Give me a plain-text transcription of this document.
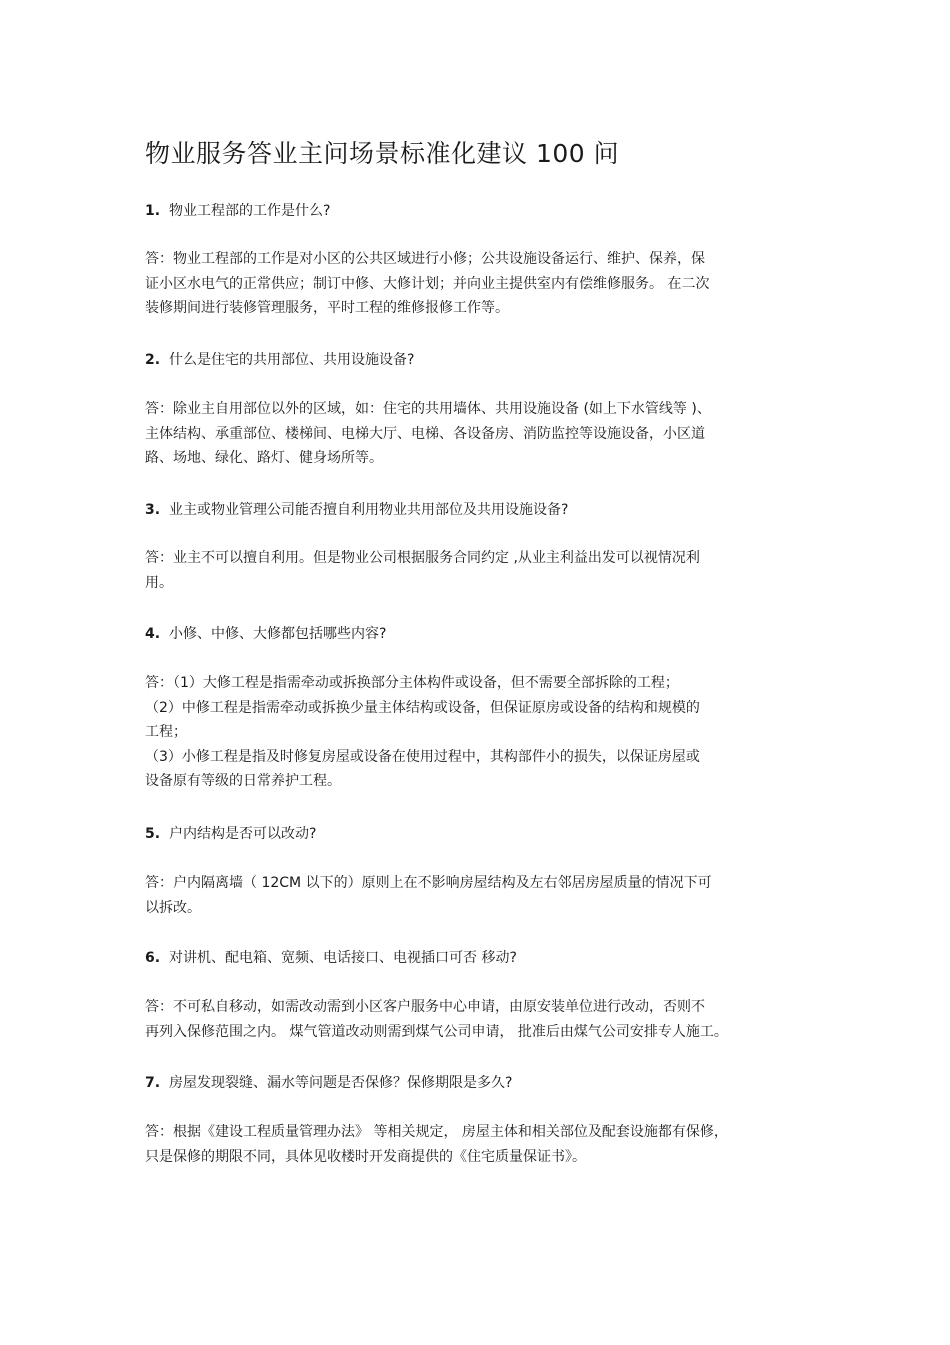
物业服务答业主问场景标准化建议 100 问
1. 物业工程部的工作是什么?
答：物业工程部的工作是对小区的公共区域进行小修；公共设施设备运行、维护、保养，保
证小区水电气的正常供应；制订中修、大修计划；并向业主提供室内有偿维修服务。 在二次
装修期间进行装修管理服务，平时工程的维修报修工作等。
2. 什么是住宅的共用部位、共用设施设备?
答：除业主自用部位以外的区域，如：住宅的共用墙体、共用设施设备 (如上下水管线等 )、
主体结构、承重部位、楼梯间、电梯大厅、电梯、各设备房、消防监控等设施设备，小区道
路、场地、绿化、路灯、健身场所等。
3. 业主或物业管理公司能否擅自利用物业共用部位及共用设施设备?
答：业主不可以擅自利用。但是物业公司根据服务合同约定 ,从业主利益出发可以视情况利
用。
4. 小修、中修、大修都包括哪些内容?
答：（1）大修工程是指需牵动或拆换部分主体构件或设备，但不需要全部拆除的工程；
（2）中修工程是指需牵动或拆换少量主体结构或设备，但保证原房或设备的结构和规模的
工程；
（3）小修工程是指及时修复房屋或设备在使用过程中，其构部件小的损失，以保证房屋或
设备原有等级的日常养护工程。
5. 户内结构是否可以改动?
答：户内隔离墙（ 12CM 以下的）原则上在不影响房屋结构及左右邻居房屋质量的情况下可
以拆改。
6. 对讲机、配电箱、宽频、电话接口、电视插口可否 移动?
答：不可私自移动，如需改动需到小区客户服务中心申请，由原安装单位进行改动，否则不
再列入保修范围之内。 煤气管道改动则需到煤气公司申请， 批准后由煤气公司安排专人施工。
7. 房屋发现裂缝、漏水等问题是否保修？保修期限是多久?
答：根据《建设工程质量管理办法》 等相关规定， 房屋主体和相关部位及配套设施都有保修，
只是保修的期限不同，具体见收楼时开发商提供的《住宅质量保证书》。
